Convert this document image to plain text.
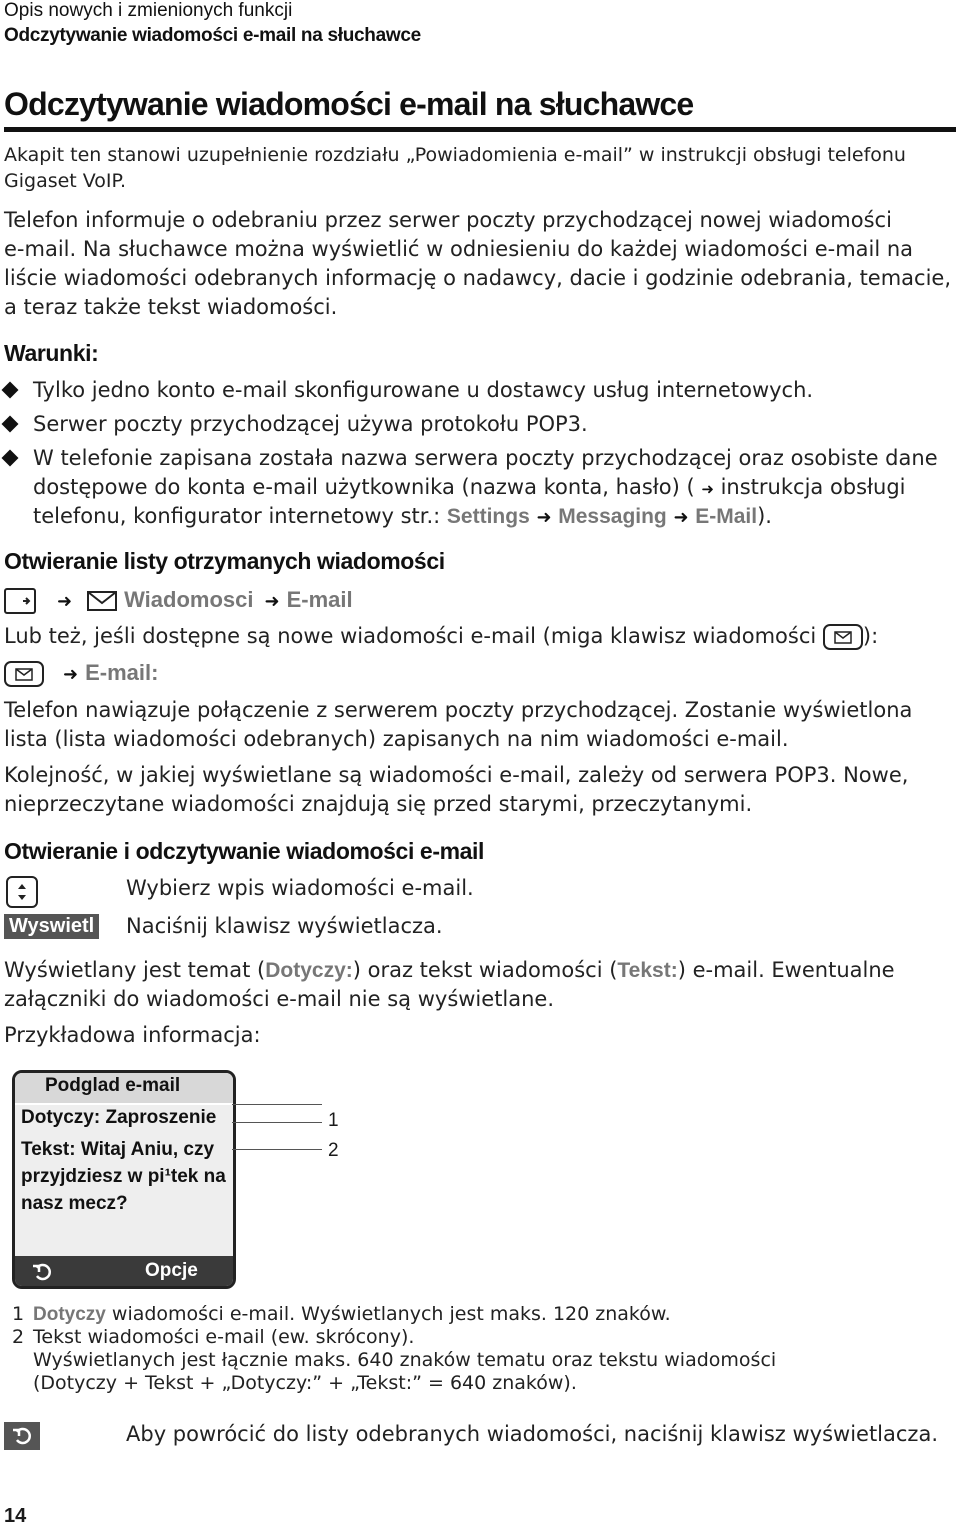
Opis nowych i zmienionych funkcji
Odczytywanie wiadomości e-mail na słuchawce
Odczytywanie wiadomości e-mail na słuchawce
Akapit ten stanowi uzupełnienie rozdziału „Powiadomienia e-mail” w instrukcji obsługi telefonu
Gigaset VoIP.
Telefon informuje o odebraniu przez serwer poczty przychodzącej nowej wiadomości
e-mail. Na słuchawce można wyświetlić w odniesieniu do każdej wiadomości e-mail na
liście wiadomości odebranych informację o nadawcy, dacie i godzinie odebrania, temacie,
a teraz także tekst wiadomości.
Warunki:
Tylko jedno konto e-mail skonfigurowane u dostawcy usług internetowych.
Serwer poczty przychodzącej używa protokołu POP3.
W telefonie zapisana została nazwa serwera poczty przychodzącej oraz osobiste dane
dostępowe do konta e-mail użytkownika (nazwa konta, hasło) ( ➜ instrukcja obsługi
telefonu, konfigurator internetowy str.: Settings ➜ Messaging ➜ E-Mail).
Otwieranie listy otrzymanych wiadomości
➜ Wiadomosci ➜ E-mail
Lub też, jeśli dostępne są nowe wiadomości e-mail (miga klawisz wiadomości ):
➜ E-mail:
Telefon nawiązuje połączenie z serwerem poczty przychodzącej. Zostanie wyświetlona
lista (lista wiadomości odebranych) zapisanych na nim wiadomości e-mail.
Kolejność, w jakiej wyświetlane są wiadomości e-mail, zależy od serwera POP3. Nowe,
nieprzeczytane wiadomości znajdują się przed starymi, przeczytanymi.
Otwieranie i odczytywanie wiadomości e-mail
Wybierz wpis wiadomości e-mail.
Wyswietl Naciśnij klawisz wyświetlacza.
Wyświetlany jest temat (Dotyczy:) oraz tekst wiadomości (Tekst:) e-mail. Ewentualne
załączniki do wiadomości e-mail nie są wyświetlane.
Przykładowa informacja:
Podglad e-mail
Dotyczy: Zaproszenie
Tekst: Witaj Aniu, czy
przyjdziesz w pi¹tek na
nasz mecz?
Opcje
1
2
1 Dotyczy wiadomości e-mail. Wyświetlanych jest maks. 120 znaków.
2 Tekst wiadomości e-mail (ew. skrócony).
Wyświetlanych jest łącznie maks. 640 znaków tematu oraz tekstu wiadomości
(Dotyczy + Tekst + „Dotyczy:” + „Tekst:” = 640 znaków).
Aby powrócić do listy odebranych wiadomości, naciśnij klawisz wyświetlacza.
14
